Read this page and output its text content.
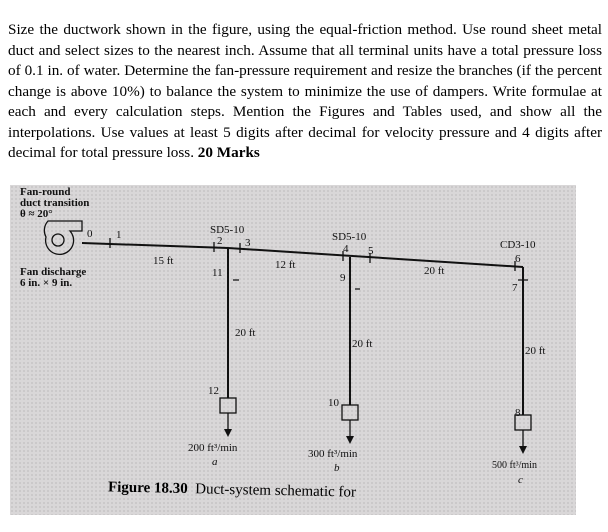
Size the ductwork shown in the figure, using the equal-friction method. Use round sheet metal duct and select sizes to the nearest inch. Assume that all terminal units have a total pressure loss of 0.1 in. of water. Determine the fan-pressure requirement and resize the branches (if the percent change is above 10%) to balance the system to minimize the use of dampers. Write formulae at each and every calculation steps. Mention the Figures and Tables used, and show all the interpolations. Use values at least 5 digits after decimal for velocity pressure and 4 digits after decimal for total pressure loss. 20 Marks

Fan-round
duct transition
θ ≈ 20°
Fan discharge
6 in. × 9 in.
0 1	SD5-10
2 3
11
15 ft	12 ft
SD5-10
4 5
9
20 ft
CD3-10
6
7
20 ft
20 ft
20 ft
12
10
8
200 ft³/min
a
300 ft³/min
b	500 ft³/min
c
Figure 18.30 Duct-system schematic for
